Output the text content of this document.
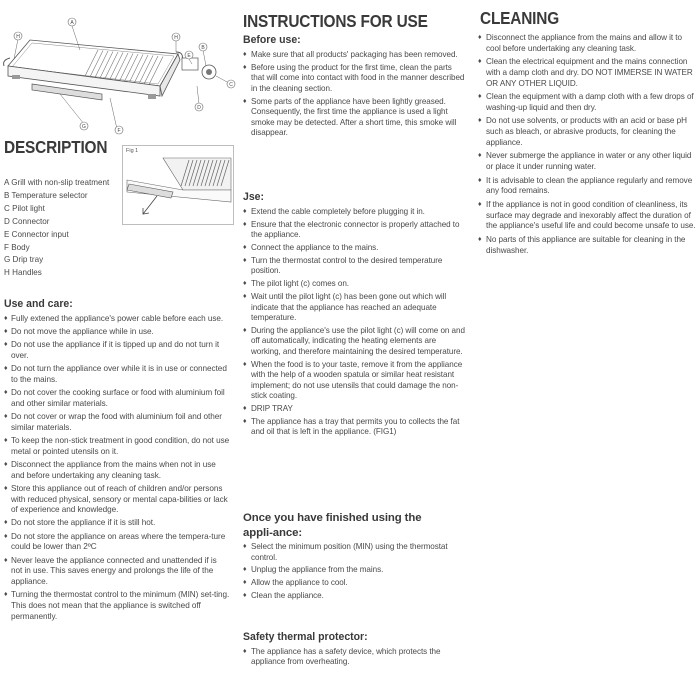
H
A
H
B
E
C
D
G
F
DESCRIPTION	Fig 1
A Grill with non-slip treatment
B Temperature selector
C Pilot light
D Connector
E Connector input
F Body
G Drip tray
H Handles
Use and care:
♦ Fully extened the appliance's power cable before each use.
♦ Do not move the appliance while in use.
♦ Do not use the appliance if it is tipped up and do not turn it over.
♦ Do not turn the appliance over while it is in use or connected to the mains.
♦ Do not cover the cooking surface or food with aluminium foil and other similar materials.
♦ Do not cover or wrap the food with aluminium foil and other similar materials.
♦ To keep the non-stick treatment in good condition, do not use metal or pointed utensils on it.
♦ Disconnect the appliance from the mains when not in use and before undertaking any cleaning task.
♦ Store this appliance out of reach of children and/or persons with reduced physical, sensory or mental capa-bilities or lack of experience and knowledge.
♦ Do not store the appliance if it is still hot.
♦ Do not store the appliance on areas where the tempera-ture could be lower than 2ºC
♦ Never leave the appliance connected and unattended if is not in use. This saves energy and prolongs the life of the appliance.
♦ Turning the thermostat control to the minimum (MIN) set-ting. This does not mean that the appliance is switched off permanently.
INSTRUCTIONS FOR USE
Before use:
♦ Make sure that all products' packaging has been removed.
♦ Before using the product for the first time, clean the parts that will come into contact with food in the manner described in the cleaning section.
♦ Some parts of the appliance have been lightly greased. Consequently, the first time the appliance is used a light smoke may be detected. After a short time, this smoke will disappear.
Jse:
♦ Extend the cable completely before plugging it in.
♦ Ensure that the electronic connector is properly attached to the appliance.
♦ Connect the appliance to the mains.
♦ Turn the thermostat control to the desired temperature position.
♦ The pilot light (c) comes on.
♦ Wait until the pilot light (c) has been gone out which will indicate that the appliance has reached an adequate temperature.
♦ During the appliance's use the pilot light (c) will come on and off automatically, indicating the heating elements are working, and therefore maintaining the desired temperature.
♦ When the food is to your taste, remove it from the appliance with the help of a wooden spatula or similar heat resistant implement; do not use utensils that could damage the non-stick coating.
♦ DRIP TRAY
♦ The appliance has a tray that permits you to collects the fat and oil that is left in the appliance. (FIG1)
Once you have finished using the appli-ance:
♦ Select the minimum position (MIN) using the thermostat control.
♦ Unplug the appliance from the mains.
♦ Allow the appliance to cool.
♦ Clean the appliance.
Safety thermal protector:
♦ The appliance has a safety device, which protects the appliance from overheating.
CLEANING
♦ Disconnect the appliance from the mains and allow it to cool before undertaking any cleaning task.
♦ Clean the electrical equipment and the mains connection with a damp cloth and dry. DO NOT IMMERSE IN WATER OR ANY OTHER LIQUID.
♦ Clean the equipment with a damp cloth with a few drops of washing-up liquid and then dry.
♦ Do not use solvents, or products with an acid or base pH such as bleach, or abrasive products, for cleaning the appliance.
♦ Never submerge the appliance in water or any other liquid or place it under running water.
♦ It is advisable to clean the appliance regularly and remove any food remains.
♦ If the appliance is not in good condition of cleanliness, its surface may degrade and inexorably affect the duration of the appliance's useful life and could become unsafe to use.
♦ No parts of this appliance are suitable for cleaning in the dishwasher.
